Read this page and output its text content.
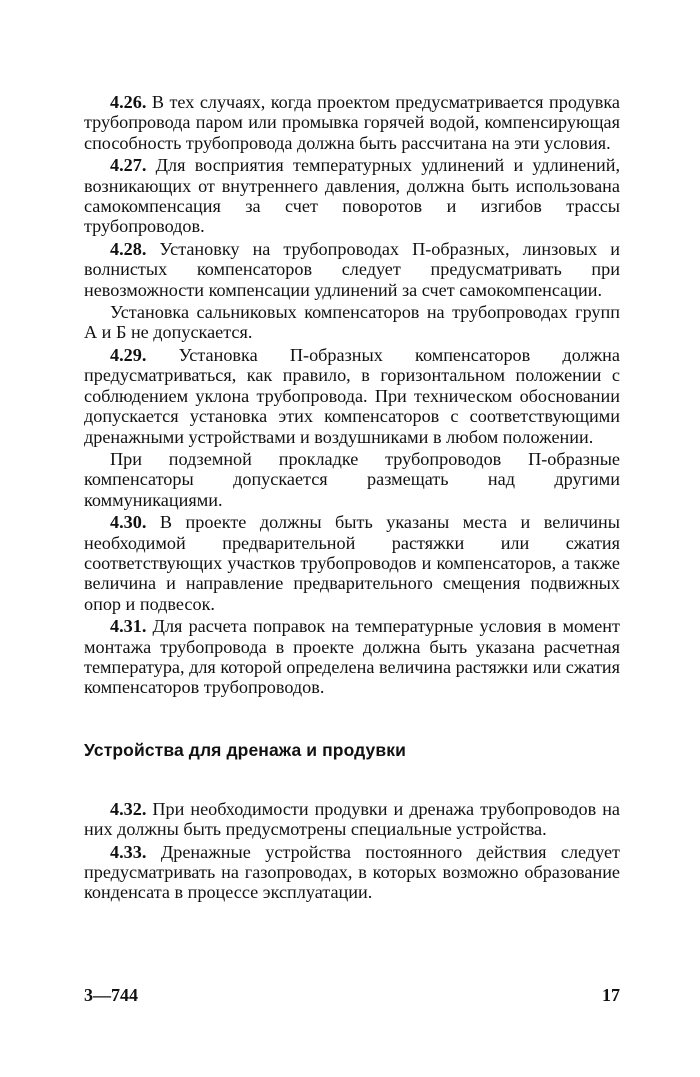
4.26. В тех случаях, когда проектом предусматривается продувка трубопровода паром или промывка горячей водой, компенсирующая способность трубопровода должна быть рассчитана на эти условия.

4.27. Для восприятия температурных удлинений и удлинений, возникающих от внутреннего давления, должна быть использована самокомпенсация за счет поворотов и изгибов трассы трубопроводов.

4.28. Установку на трубопроводах П-образных, линзовых и волнистых компенсаторов следует предусматривать при невозможности компенсации удлинений за счет самокомпенсации.

Установка сальниковых компенсаторов на трубопроводах групп А и Б не допускается.

4.29. Установка П-образных компенсаторов должна предусматриваться, как правило, в горизонтальном положении с соблюдением уклона трубопровода. При техническом обосновании допускается установка этих компенсаторов с соответствующими дренажными устройствами и воздушниками в любом положении.

При подземной прокладке трубопроводов П-образные компенсаторы допускается размещать над другими коммуникациями.

4.30. В проекте должны быть указаны места и величины необходимой предварительной растяжки или сжатия соответствующих участков трубопроводов и компенсаторов, а также величина и направление предварительного смещения подвижных опор и подвесок.

4.31. Для расчета поправок на температурные условия в момент монтажа трубопровода в проекте должна быть указана расчетная температура, для которой определена величина растяжки или сжатия компенсаторов трубопроводов.

Устройства для дренажа и продувки

4.32. При необходимости продувки и дренажа трубопроводов на них должны быть предусмотрены специальные устройства.

4.33. Дренажные устройства постоянного действия следует предусматривать на газопроводах, в которых возможно образование конденсата в процессе эксплуатации.

3—744	17
